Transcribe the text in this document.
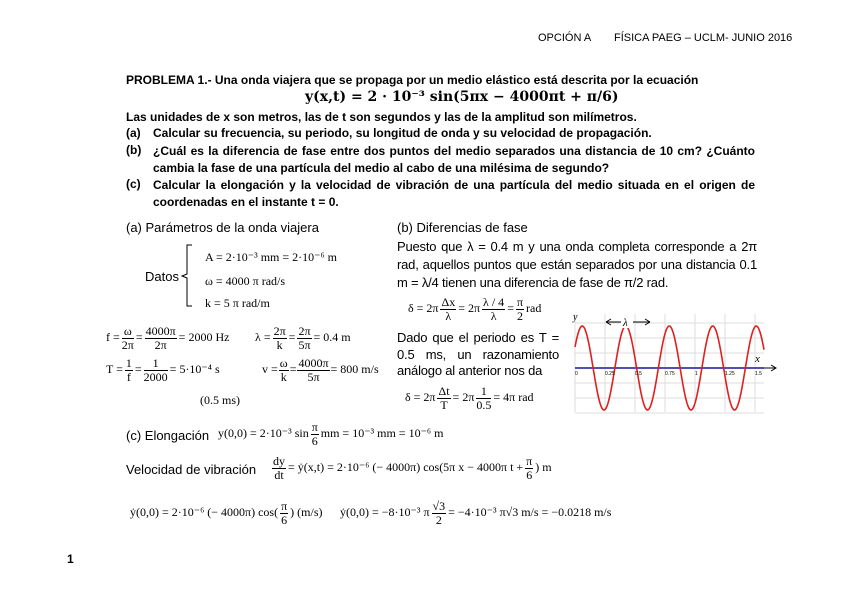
OPCIÓN A FÍSICA PAEG – UCLM- JUNIO 2016
PROBLEMA 1.- Una onda viajera que se propaga por un medio elástico está descrita por la ecuación
y(x,t) = 2 · 10⁻³ sin(5πx − 4000πt + π/6)
Las unidades de x son metros, las de t son segundos y las de la amplitud son milímetros.
(a) Calcular su frecuencia, su periodo, su longitud de onda y su velocidad de propagación.
(b) ¿Cuál es la diferencia de fase entre dos puntos del medio separados una distancia de 10 cm? ¿Cuánto cambia la fase de una partícula del medio al cabo de una milésima de segundo?
(c) Calcular la elongación y la velocidad de vibración de una partícula del medio situada en el origen de coordenadas en el instante t = 0.
(a) Parámetros de la onda viajera
Datos
A = 2·10⁻³ mm = 2·10⁻⁶ m
ω = 4000 π rad/s
k = 5 π rad/m
$f = \frac{\omega}{2\pi} = \frac{4000\pi}{2\pi} = 2000$ Hz $\lambda = \frac{2\pi}{k} = \frac{2\pi}{5\pi} = 0.4$ m
$T = \frac{1}{f} = \frac{1}{2000} = 5\cdot 10^{-4}$ s
(0.5 ms)
$v = \frac{\omega}{k} = \frac{4000\pi}{5\pi} = 800$ m/s
(b) Diferencias de fase
Puesto que λ = 0.4 m y una onda completa corresponde a 2π rad, aquellos puntos que están separados por una distancia 0.1 m = λ/4 tienen una diferencia de fase de π/2 rad.
$\delta = 2\pi \frac{\Delta x}{\lambda} = 2\pi \frac{\lambda / 4}{\lambda} = \frac{\pi}{2}$ rad
Dado que el periodo es T = 0.5 ms, un razonamiento análogo al anterior nos da
$\delta = 2\pi \frac{\Delta t}{T} = 2\pi \frac{1}{0.5} = 4\pi$ rad
y
x
λ
0	0.25	0.5	0.75	1	1.25	1.5
(c) Elongación y(0,0) = 2·10⁻³ $\sin \frac{\pi}{6}$ mm = 10⁻³ mm = 10⁻⁶ m
Velocidad de vibración $\frac{dy}{dt}$ = ẏ(x,t) = 2·10⁻⁶ (− 4000π) cos(5π x − 4000π $t + \frac{\pi}{6}$ ) m
ẏ(0,0) = 2·10⁻⁶ (− 4000π) $\cos( \frac{\pi}{6}$ ) (m/s) ẏ(0,0) = −8·10⁻³ π $\frac{√3}{2} = -4\cdot 10^{-3}$ π√3 m/s = −0.0218 m/s
1
